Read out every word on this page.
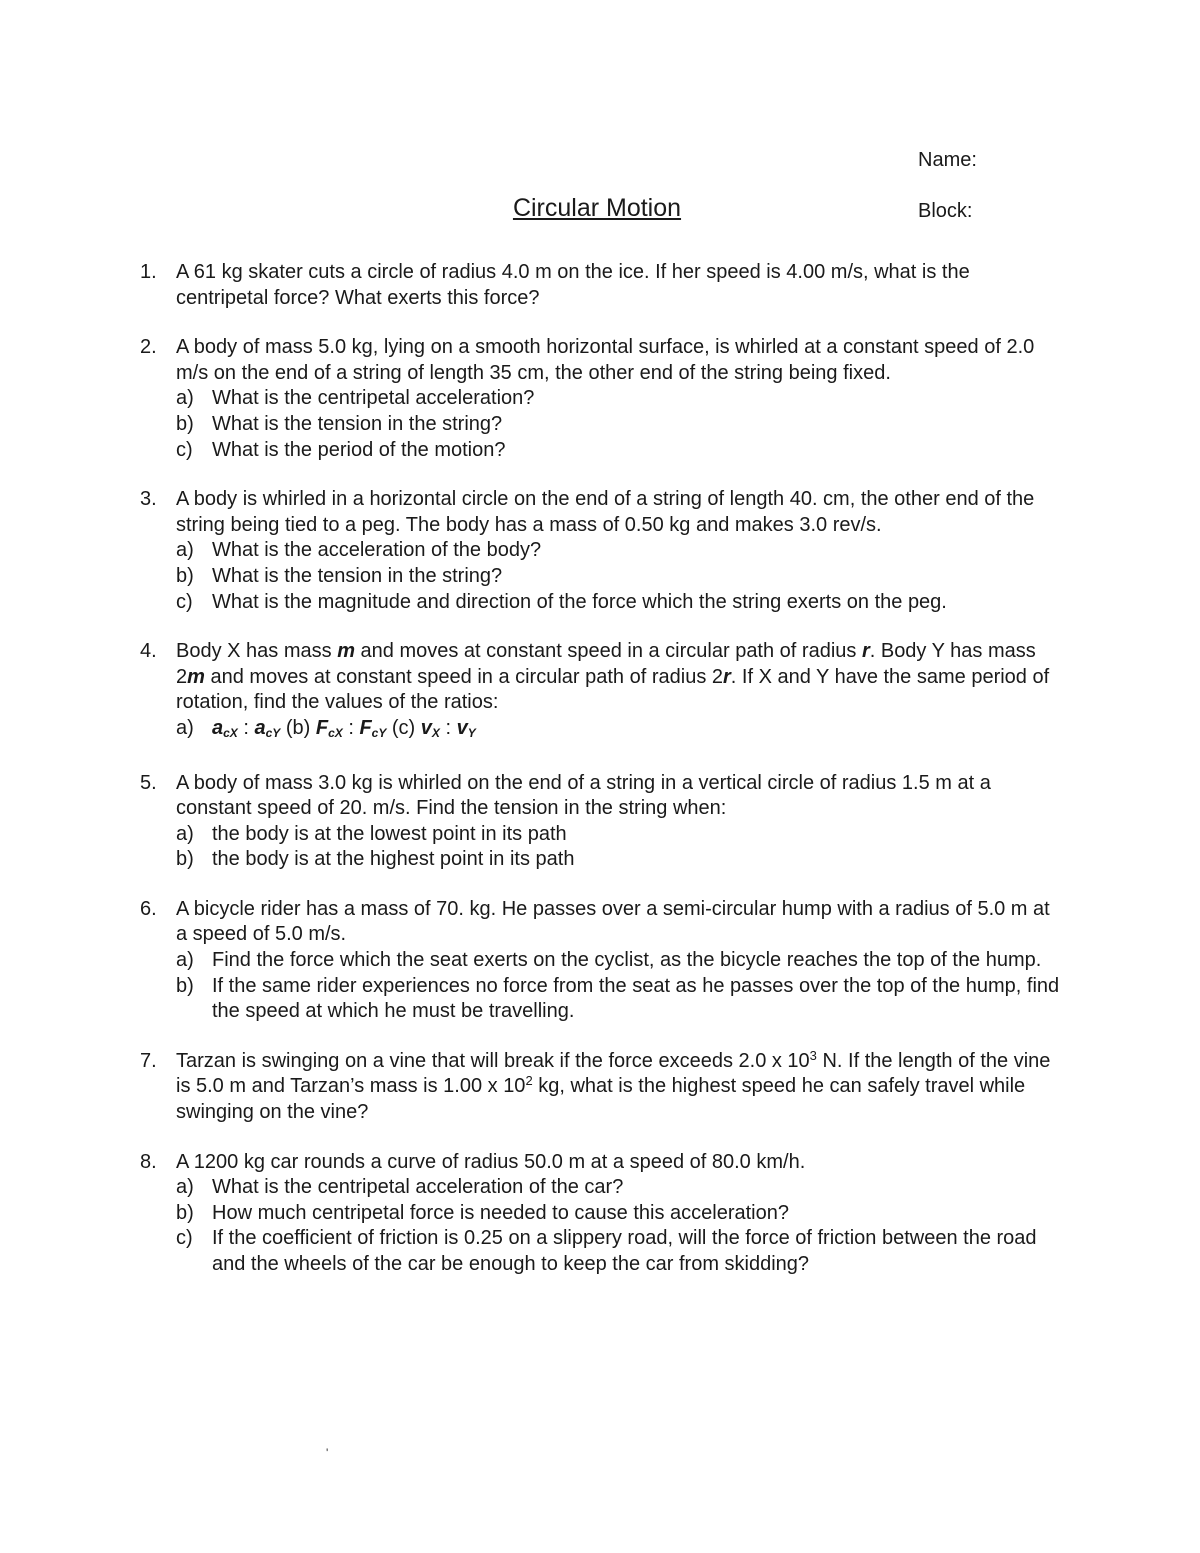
Name:
Block:
Circular Motion
1. A 61 kg skater cuts a circle of radius 4.0 m on the ice. If her speed is 4.00 m/s, what is the centripetal force? What exerts this force?
2. A body of mass 5.0 kg, lying on a smooth horizontal surface, is whirled at a constant speed of 2.0 m/s on the end of a string of length 35 cm, the other end of the string being fixed.
a) What is the centripetal acceleration?
b) What is the tension in the string?
c) What is the period of the motion?
3. A body is whirled in a horizontal circle on the end of a string of length 40. cm, the other end of the string being tied to a peg. The body has a mass of 0.50 kg and makes 3.0 rev/s.
a) What is the acceleration of the body?
b) What is the tension in the string?
c) What is the magnitude and direction of the force which the string exerts on the peg.
4. Body X has mass m and moves at constant speed in a circular path of radius r. Body Y has mass 2m and moves at constant speed in a circular path of radius 2r. If X and Y have the same period of rotation, find the values of the ratios:
a) acX : acY (b) FcX : FcY (c) vX : vY
5. A body of mass 3.0 kg is whirled on the end of a string in a vertical circle of radius 1.5 m at a constant speed of 20. m/s. Find the tension in the string when:
a) the body is at the lowest point in its path
b) the body is at the highest point in its path
6. A bicycle rider has a mass of 70. kg. He passes over a semi-circular hump with a radius of 5.0 m at a speed of 5.0 m/s.
a) Find the force which the seat exerts on the cyclist, as the bicycle reaches the top of the hump.
b) If the same rider experiences no force from the seat as he passes over the top of the hump, find the speed at which he must be travelling.
7. Tarzan is swinging on a vine that will break if the force exceeds 2.0 x $10^3$ N. If the length of the vine is 5.0 m and Tarzan’s mass is 1.00 x $10^2$ kg, what is the highest speed he can safely travel while swinging on the vine?
8. A 1200 kg car rounds a curve of radius 50.0 m at a speed of 80.0 km/h.
a) What is the centripetal acceleration of the car?
b) How much centripetal force is needed to cause this acceleration?
c) If the coefficient of friction is 0.25 on a slippery road, will the force of friction between the road and the wheels of the car be enough to keep the car from skidding?
'
